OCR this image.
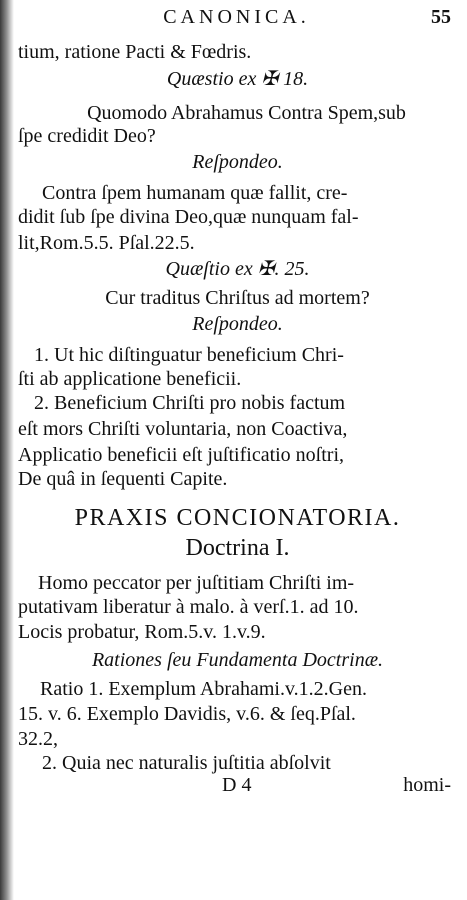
CANONICA.	55
tium, ratione Pacti & Fœdris.
Quæstio ex ✠ 18.
Quomodo Abrahamus Contra Spem,sub
ſpe credidit Deo?
Reſpondeo.
Contra ſpem humanam quæ fallit, cre-
didit ſub ſpe divina Deo,quæ nunquam fal-
lit,Rom.5.5. Pſal.22.5.
Quæſtio ex ✠. 25.
Cur traditus Chriſtus ad mortem?
Reſpondeo.
1. Ut hic diſtinguatur beneficium Chri-
ſti ab applicatione beneficii.
2. Beneficium Chriſti pro nobis factum
eſt mors Chriſti voluntaria, non Coactiva,
Applicatio beneficii eſt juſtificatio noſtri,
De quâ in ſequenti Capite.
PRAXIS CONCIONATORIA.
Doctrina I.
Homo peccator per juſtitiam Chriſti im-
putativam liberatur à malo. à verſ.1. ad 10.
Locis probatur, Rom.5.v. 1.v.9.
Rationes ſeu Fundamenta Doctrinæ.
Ratio 1. Exemplum Abrahami.v.1.2.Gen.
15. v. 6. Exemplo Davidis, v.6. & ſeq.Pſal.
32.2,
2. Quia nec naturalis juſtitia abſolvit
D 4	homi-
